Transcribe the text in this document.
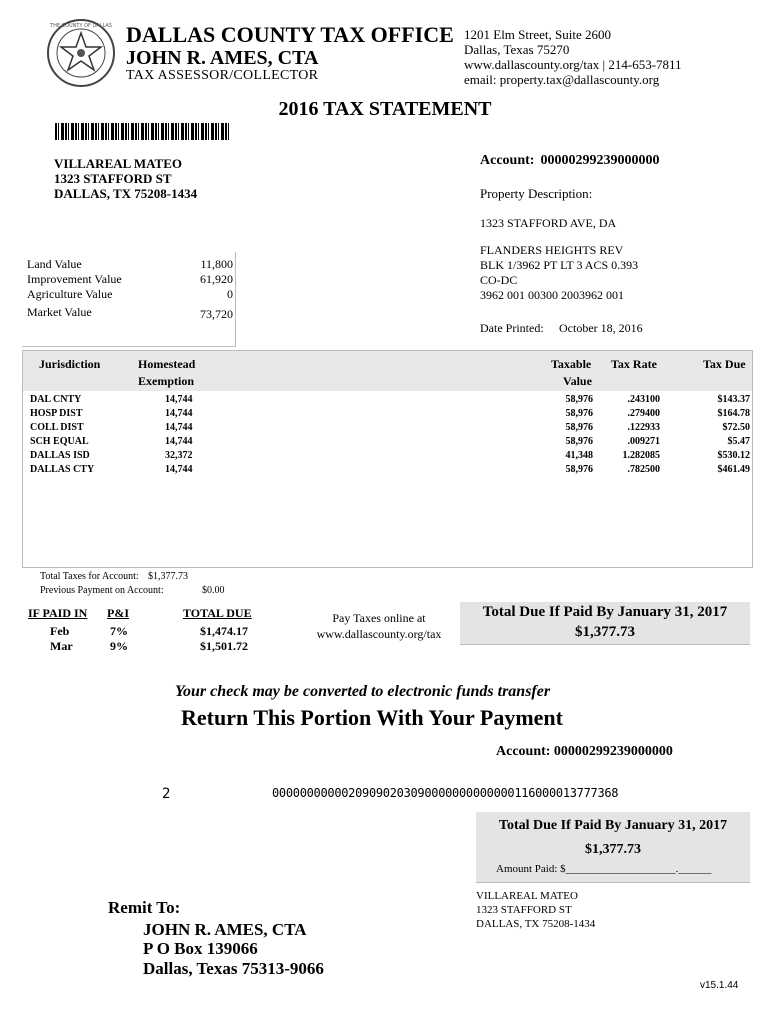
THE COUNTY OF DALLAS DALLAS COUNTY TAX OFFICE
JOHN R. AMES, CTA
TAX ASSESSOR/COLLECTOR
1201 Elm Street, Suite 2600
Dallas, Texas 75270
www.dallascounty.org/tax | 214-653-7811
email: property.tax@dallascounty.org
2016 TAX STATEMENT
VILLAREAL MATEO
1323 STAFFORD ST
DALLAS, TX 75208-1434
Account: 00000299239000000
Property Description:
1323 STAFFORD AVE, DA
FLANDERS HEIGHTS REV
BLK 1/3962 PT LT 3 ACS 0.393
CO-DC
3962 001 00300 2003962 001
Date Printed: October 18, 2016
Land Value	11,800
Improvement Value	61,920
Agriculture Value	0
Market Value	73,720
Jurisdiction	Homestead
Exemption
Taxable
Value
Tax Rate	Tax Due
DAL CNTY	14,744	58,976	.243100	$143.37
HOSP DIST	14,744	58,976	.279400	$164.78
COLL DIST	14,744	58,976	.122933	$72.50
SCH EQUAL	14,744	58,976	.009271	$5.47
DALLAS ISD	32,372	41,348	1.282085	$530.12
DALLAS CTY	14,744	58,976	.782500	$461.49
Total Taxes for Account: $1,377.73
Previous Payment on Account:	$0.00
IF PAID IN P&I	TOTAL DUE
Feb	7%	$1,474.17
Mar	9%	$1,501.72
Pay Taxes online at
www.dallascounty.org/tax
Total Due If Paid By January 31, 2017
$1,377.73
Your check may be converted to electronic funds transfer
Return This Portion With Your Payment
Account: 00000299239000000
2	00000000000209090203090000000000000116000013777368
Total Due If Paid By January 31, 2017
$1,377.73
Amount Paid: $____________________.______
VILLAREAL MATEO
1323 STAFFORD ST
DALLAS, TX 75208-1434
Remit To:
JOHN R. AMES, CTA
P O Box 139066
Dallas, Texas 75313-9066
v15.1.44
